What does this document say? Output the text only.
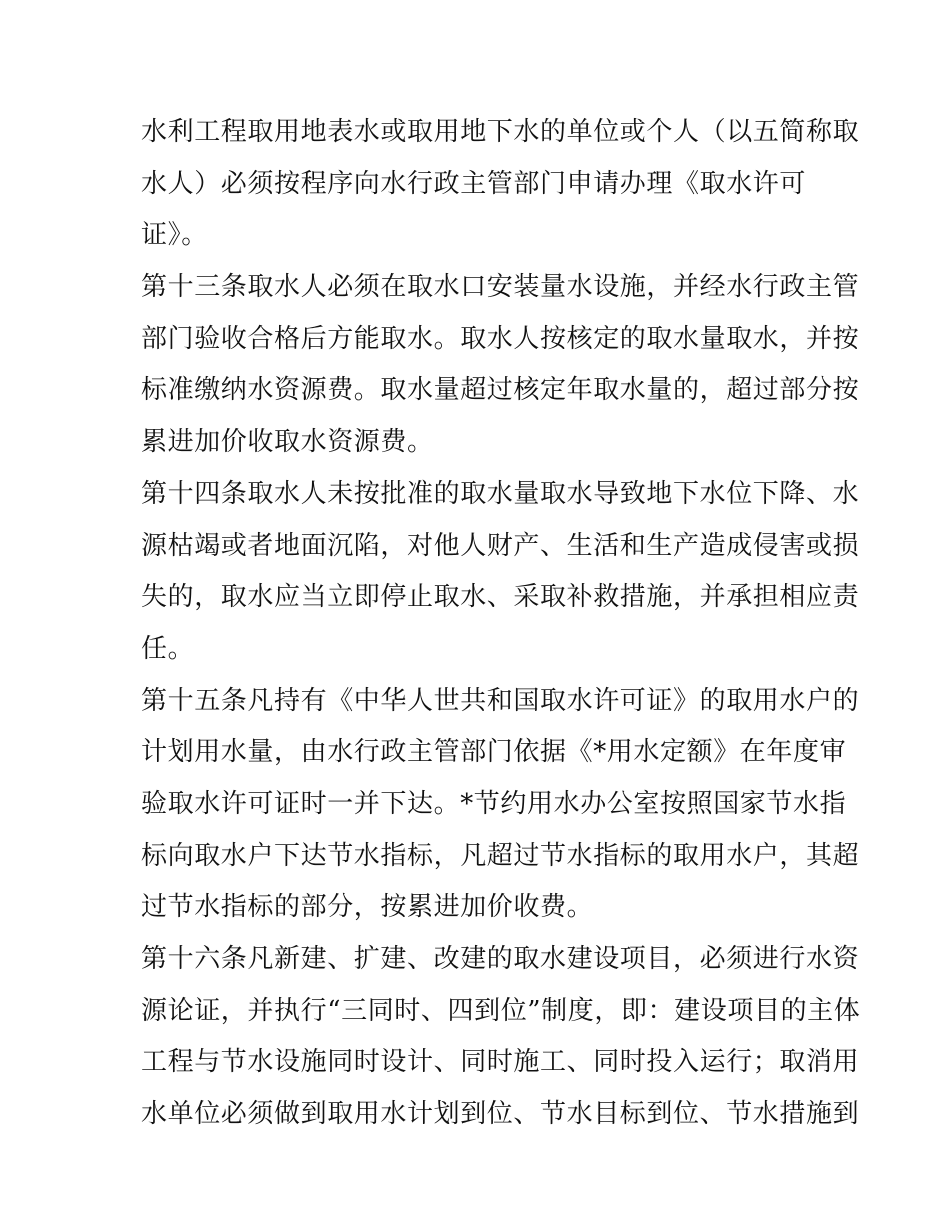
水利工程取用地表水或取用地下水的单位或个人（以五简称取
水人）必须按程序向水行政主管部门申请办理《取水许可
证》。
第十三条取水人必须在取水口安装量水设施，并经水行政主管
部门验收合格后方能取水。取水人按核定的取水量取水，并按
标准缴纳水资源费。取水量超过核定年取水量的，超过部分按
累进加价收取水资源费。
第十四条取水人未按批准的取水量取水导致地下水位下降、水
源枯竭或者地面沉陷，对他人财产、生活和生产造成侵害或损
失的，取水应当立即停止取水、采取补救措施，并承担相应责
任。
第十五条凡持有《中华人世共和国取水许可证》的取用水户的
计划用水量，由水行政主管部门依据《*用水定额》在年度审
验取水许可证时一并下达。*节约用水办公室按照国家节水指
标向取水户下达节水指标，凡超过节水指标的取用水户，其超
过节水指标的部分，按累进加价收费。
第十六条凡新建、扩建、改建的取水建设项目，必须进行水资
源论证，并执行“三同时、四到位”制度，即：建设项目的主体
工程与节水设施同时设计、同时施工、同时投入运行；取消用
水单位必须做到取用水计划到位、节水目标到位、节水措施到
